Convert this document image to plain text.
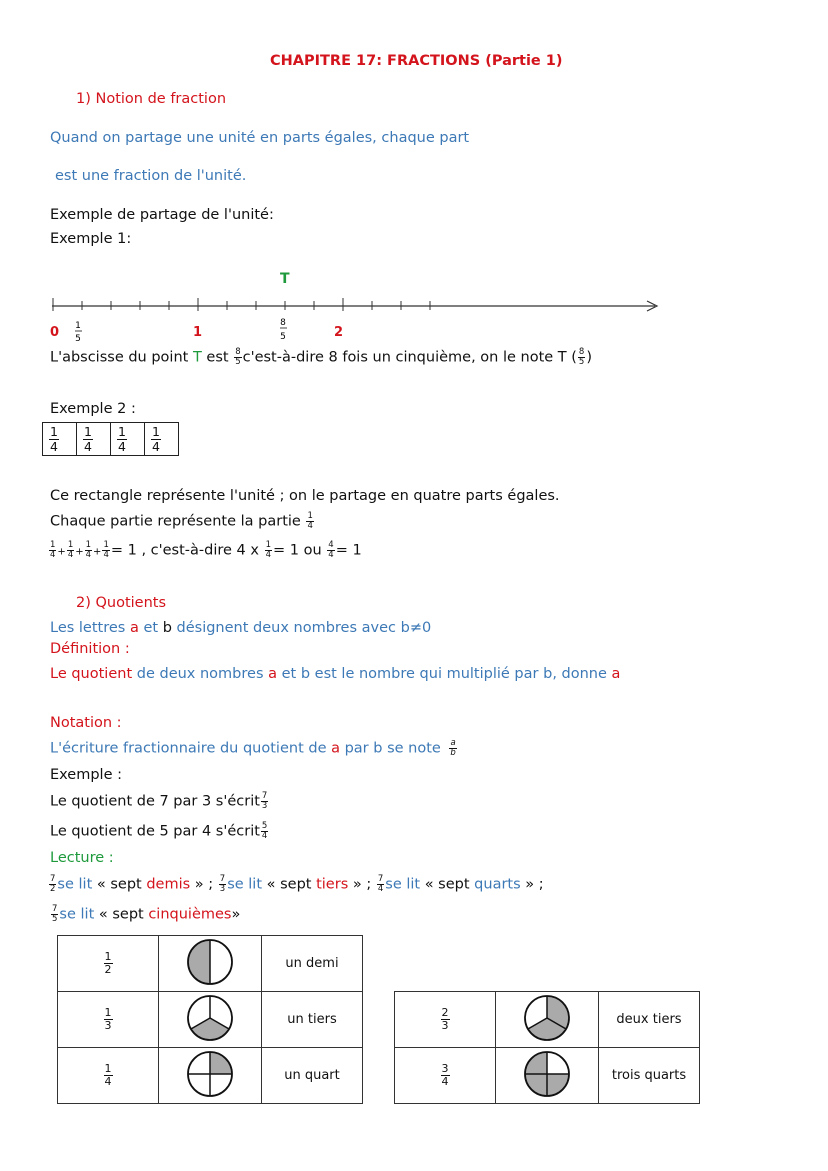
CHAPITRE 17: FRACTIONS (Partie 1)
1) Notion de fraction
Quand on partage une unité en parts égales, chaque part
est une fraction de l'unité.
Exemple de partage de l'unité:
Exemple 1:
T
0	1	2
1
5
8
5
L'abscisse du point T est $\frac{8}{5}$ c'est-à-dire 8 fois un cinquième, on le note T ( $\frac{8}{5}$ )
Exemple 2 :
$\frac{1}{4}$	$\frac{1}{4}$	$\frac{1}{4}$	$\frac{1}{4}$
Ce rectangle représente l'unité ; on le partage en quatre parts égales.
Chaque partie représente la partie $\frac{1}{4}$
$\frac{1}{4} + \frac{1}{4} + \frac{1}{4} + \frac{1}{4} = 1$ , c'est-à-dire 4 x $\frac{1}{4} = 1$ ou $\frac{4}{4} = 1$
2) Quotients
Les lettres a et b désignent deux nombres avec b≠0
Définition :
Le quotient de deux nombres a et b est le nombre qui multiplié par b, donne a
Notation :
L'écriture fractionnaire du quotient de a par b se note $\frac{a}{b}$
Exemple :
Le quotient de 7 par 3 s'écrit $\frac{7}{3}$
Le quotient de 5 par 4 s'écrit $\frac{5}{4}$
Lecture :
$\frac{7}{2}$ se lit « sept demis » ; $\frac{7}{3}$ se lit « sept tiers » ; $\frac{7}{4}$ se lit « sept quarts » ;
$\frac{7}{5}$ se lit « sept cinquièmes»
$\frac{1}{2}$		un demi

$\frac{1}{3}$		un tiers

$\frac{1}{4}$		un quart
$\frac{2}{3}$		deux tiers

$\frac{3}{4}$		trois quarts
